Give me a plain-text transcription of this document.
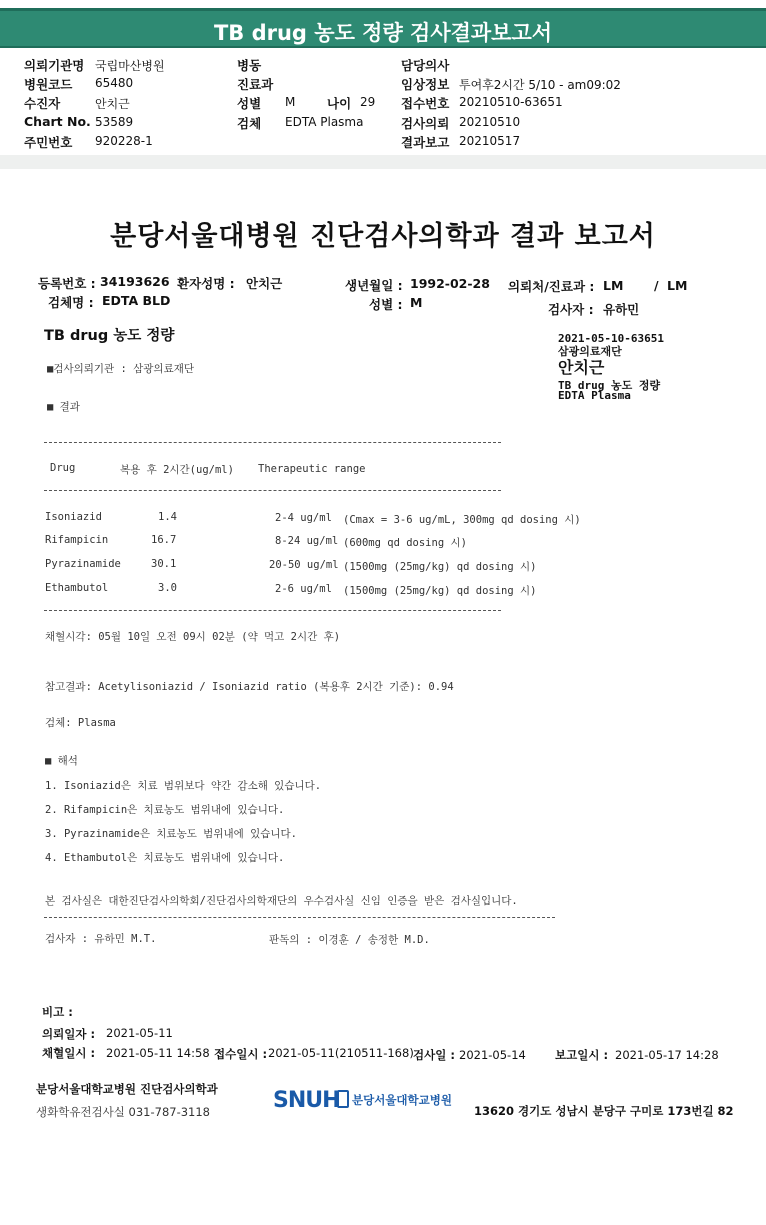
TB drug 농도 정량 검사결과보고서
의뢰기관명 국립마산병원
병원코드 65480
수진자	안치근
Chart No. 53589
주민번호 920228-1
병동
진료과
성별 M	나이 29
검체 EDTA Plasma
담당의사
임상정보 투여후2시간 5/10 - am09:02
접수번호 20210510-63651
검사의뢰 20210510
결과보고 20210517
분당서울대병원 진단검사의학과 결과 보고서
등록번호 : 34193626 환자성명 : 안치근	생년월일 : 1992-02-28 의뢰처/진료과 : LM / LM
검체명 : EDTA BLD	성별 : M	검사자 : 유하민
TB drug 농도 정량	2021-05-10-63651
삼광의료재단
안치근
TB drug 농도 정량
EDTA Plasma
■검사의뢰기관 : 삼광의료재단
■ 결과
Drug	복용 후 2시간(ug/ml) Therapeutic range
Isoniazid	1.4	2-4 ug/ml (Cmax = 3-6 ug/mL, 300mg qd dosing 시)
Rifampicin	16.7	8-24 ug/ml (600mg qd dosing 시)
Pyrazinamide	30.1	20-50 ug/ml (1500mg (25mg/kg) qd dosing 시)
Ethambutol	3.0	2-6 ug/ml (1500mg (25mg/kg) qd dosing 시)
채혈시각: 05월 10일 오전 09시 02분 (약 먹고 2시간 후)
참고결과: Acetylisoniazid / Isoniazid ratio (복용후 2시간 기준): 0.94
검체: Plasma
■ 해석
1. Isoniazid은 치료 범위보다 약간 감소해 있습니다.
2. Rifampicin은 치료농도 범위내에 있습니다.
3. Pyrazinamide은 치료농도 범위내에 있습니다.
4. Ethambutol은 치료농도 범위내에 있습니다.
본 검사실은 대한진단검사의학회/진단검사의학재단의 우수검사실 신임 인증을 받은 검사실입니다.
검사자 : 유하민 M.T.	판독의 : 이경훈 / 송정한 M.D.
비고 :
의뢰일자 : 2021-05-11
채혈일시 : 2021-05-11 14:58 접수일시 : 2021-05-11(210511-168) 검사일 : 2021-05-14	보고일시 : 2021-05-17 14:28
분당서울대학교병원 진단검사의학과
생화학유전검사실 031-787-3118	SNUH 분당서울대학교병원
13620 경기도 성남시 분당구 구미로 173번길 82
